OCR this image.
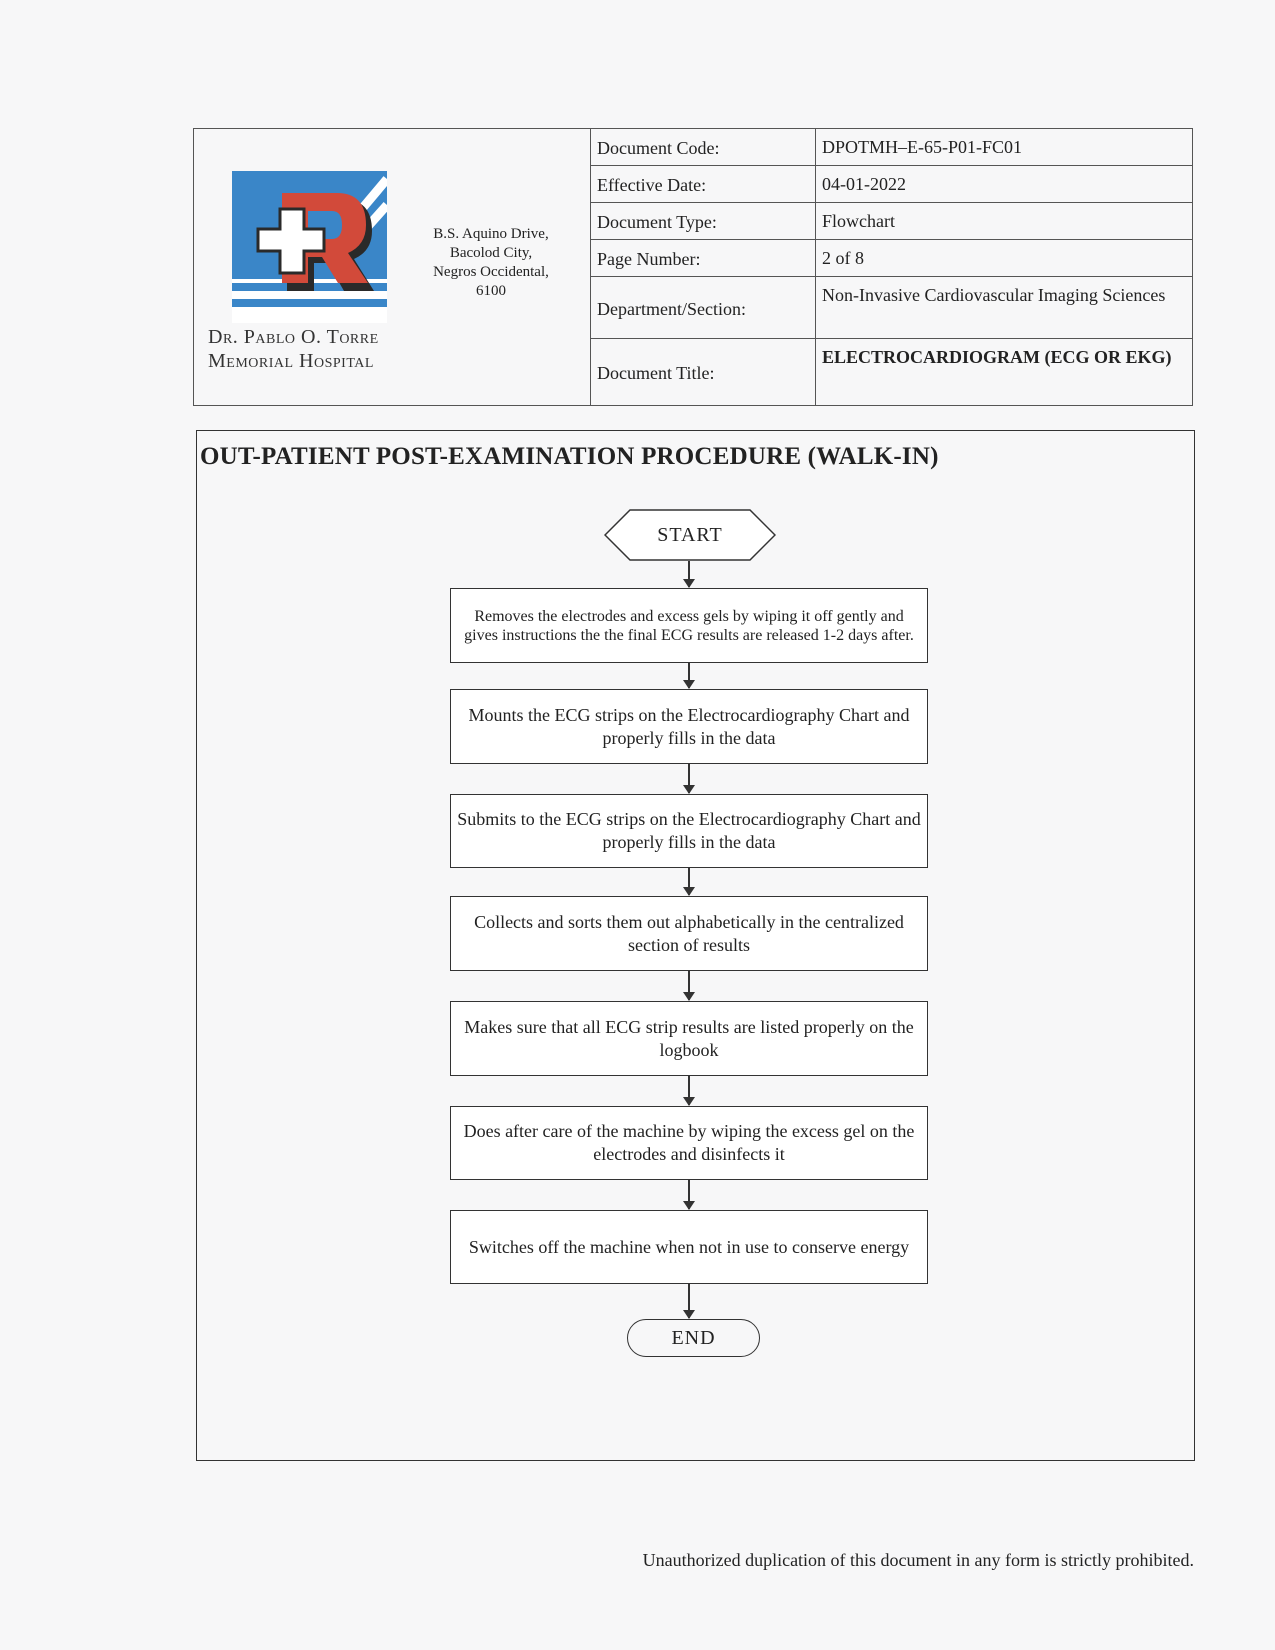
Dr. Pablo O. Torre
Memorial Hospital
B.S. Aquino Drive,
Bacolod City,
Negros Occidental,
6100
Document Code:	DPOTMH–E-65-P01-FC01
Effective Date:	04-01-2022
Document Type:	Flowchart
Page Number:	2 of 8
Department/Section:
Non-Invasive Cardiovascular Imaging Sciences
Document Title:
ELECTROCARDIOGRAM (ECG OR EKG)
OUT-PATIENT POST-EXAMINATION PROCEDURE (WALK-IN)
START
Removes the electrodes and excess gels by wiping it off gently and gives instructions the the final ECG results are released 1-2 days after.
Mounts the ECG strips on the Electrocardiography Chart and properly fills in the data
Submits to the ECG strips on the Electrocardiography Chart and properly fills in the data
Collects and sorts them out alphabetically in the centralized section of results
Makes sure that all ECG strip results are listed properly on the logbook
Does after care of the machine by wiping the excess gel on the electrodes and disinfects it
Switches off the machine when not in use to conserve energy
END
Unauthorized duplication of this document in any form is strictly prohibited.
